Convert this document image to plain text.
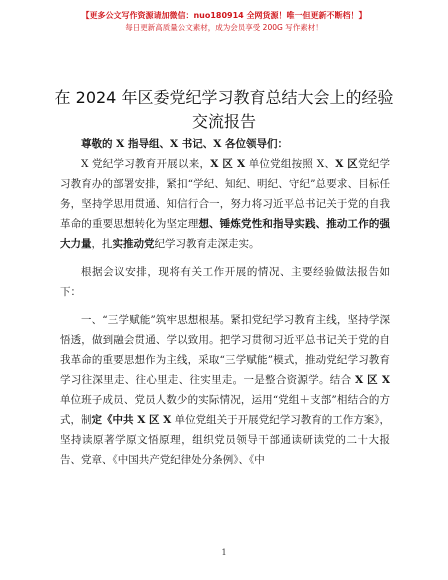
【更多公文写作资源请加微信：nuo180914 全网货源！唯一但更新不断档！】
每日更新高质量公文素材，成为会员享受 200G 写作素材！
在 2024 年区委党纪学习教育总结大会上的经验
交流报告

尊敬的 X 指导组、X 书记、X 各位领导们：

X 党纪学习教育开展以来，X 区 X 单位党组按照 X、X 区党纪学习教育办的部署安排，紧扣“学纪、知纪、明纪、守纪”总要求、目标任务，坚持学思用贯通、知信行合一，努力将习近平总书记关于党的自我革命的重要思想转化为坚定理想、锤炼党性和指导实践、推动工作的强大力量，扎实推动党纪学习教育走深走实。

根据会议安排，现将有关工作开展的情况、主要经验做法报告如下：

一、“三学赋能”筑牢思想根基。紧扣党纪学习教育主线，坚持学深悟透，做到融会贯通、学以致用。把学习贯彻习近平总书记关于党的自我革命的重要思想作为主线，采取“三学赋能”模式，推动党纪学习教育学习往深里走、往心里走、往实里走。一是整合资源学。结合 X 区 X 单位班子成员、党员人数少的实际情况，运用“党组＋支部”相结合的方式，制定《中共 X 区 X 单位党组关于开展党纪学习教育的工作方案》，坚持读原著学原文悟原理，组织党员领导干部通读研读党的二十大报告、党章、《中国共产党纪律处分条例》、《中

1
